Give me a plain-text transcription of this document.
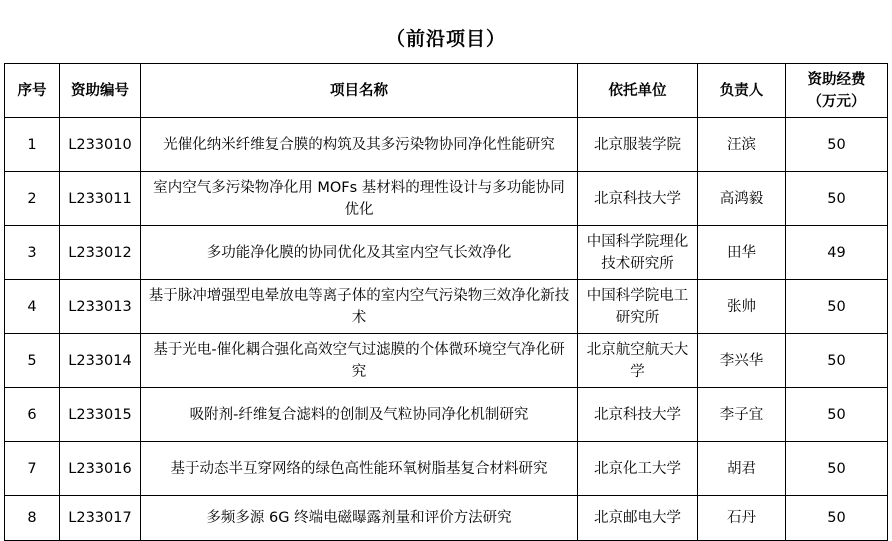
（前沿项目）
序号	资助编号	项目名称	依托单位	负责人	资助经费
（万元）
1	L233010	光催化纳米纤维复合膜的构筑及其多污染物协同净化性能研究	北京服装学院	汪滨	50
2	L233011	室内空气多污染物净化用 MOFs 基材料的理性设计与多功能协同优化	北京科技大学	高鸿毅	50
3	L233012	多功能净化膜的协同优化及其室内空气长效净化	中国科学院理化技术研究所	田华	49
4	L233013	基于脉冲增强型电晕放电等离子体的室内空气污染物三效净化新技术	中国科学院电工研究所	张帅	50
5	L233014	基于光电-催化耦合强化高效空气过滤膜的个体微环境空气净化研究	北京航空航天大学	李兴华	50
6	L233015	吸附剂-纤维复合滤料的创制及气粒协同净化机制研究	北京科技大学	李子宜	50
7	L233016	基于动态半互穿网络的绿色高性能环氧树脂基复合材料研究	北京化工大学	胡君	50
8	L233017	多频多源 6G 终端电磁曝露剂量和评价方法研究	北京邮电大学	石丹	50
